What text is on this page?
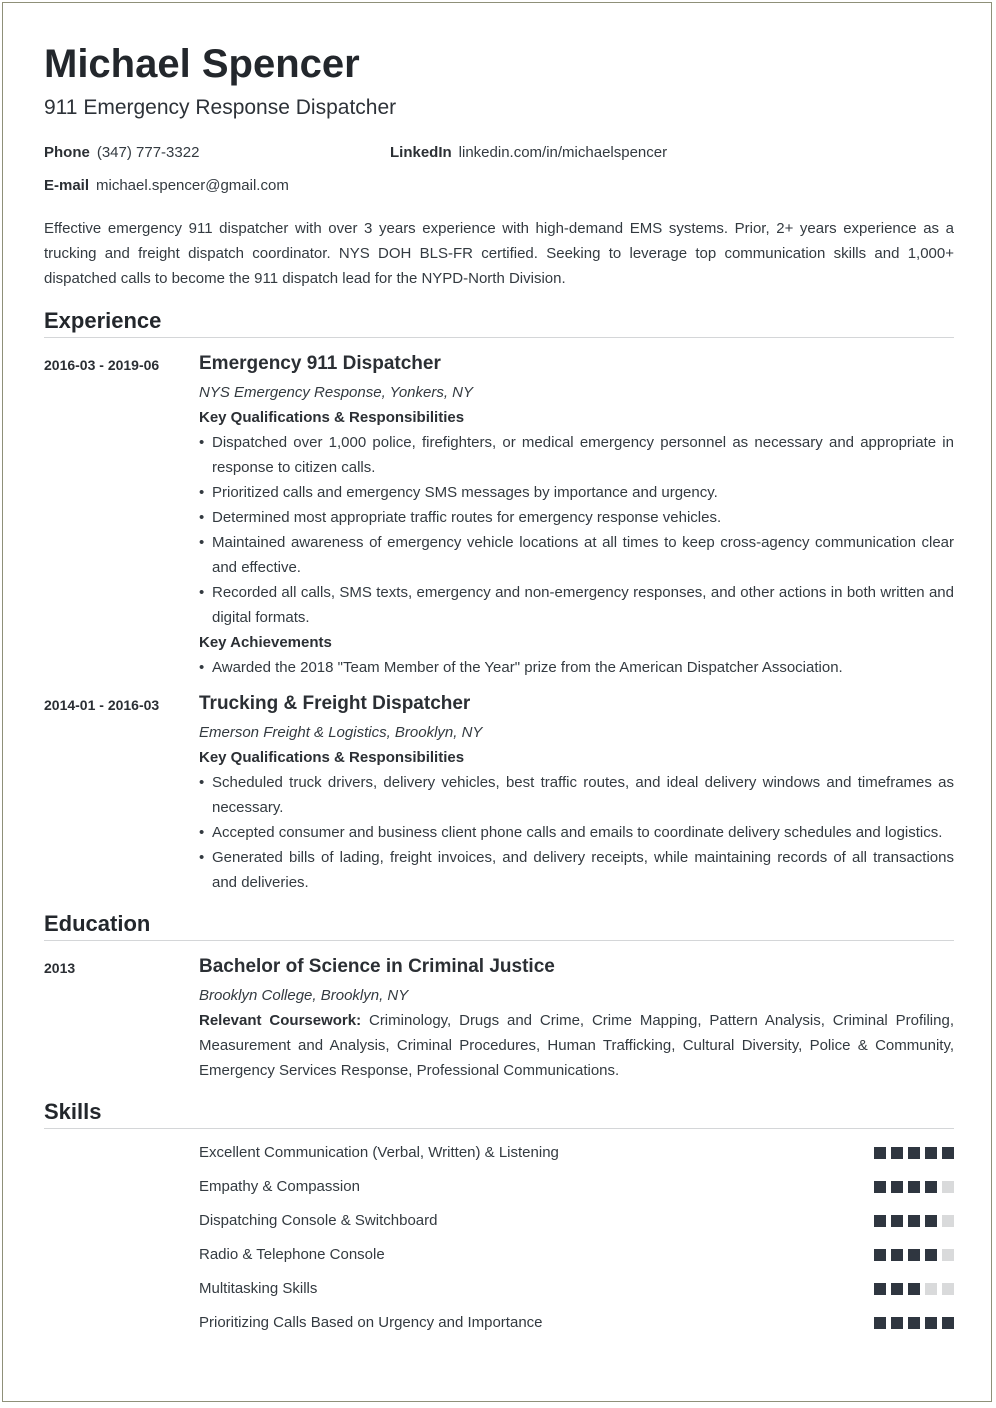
Michael Spencer
911 Emergency Response Dispatcher
Phone (347) 777-3322	LinkedIn linkedin.com/in/michaelspencer
E-mail michael.spencer@gmail.com
Effective emergency 911 dispatcher with over 3 years experience with high-demand EMS systems. Prior, 2+ years experience as a trucking and freight dispatch coordinator. NYS DOH BLS-FR certified. Seeking to leverage top communication skills and 1,000+ dispatched calls to become the 911 dispatch lead for the NYPD-North Division.
Experience
2016-03 - 2019-06 Emergency 911 Dispatcher
NYS Emergency Response, Yonkers, NY
Key Qualifications & Responsibilities
• Dispatched over 1,000 police, firefighters, or medical emergency personnel as necessary and appropriate in response to citizen calls.
• Prioritized calls and emergency SMS messages by importance and urgency.
• Determined most appropriate traffic routes for emergency response vehicles.
• Maintained awareness of emergency vehicle locations at all times to keep cross-agency communication clear and effective.
• Recorded all calls, SMS texts, emergency and non-emergency responses, and other actions in both written and digital formats.
Key Achievements
• Awarded the 2018 "Team Member of the Year" prize from the American Dispatcher Association.
2014-01 - 2016-03 Trucking & Freight Dispatcher
Emerson Freight & Logistics, Brooklyn, NY
Key Qualifications & Responsibilities
• Scheduled truck drivers, delivery vehicles, best traffic routes, and ideal delivery windows and timeframes as necessary.
• Accepted consumer and business client phone calls and emails to coordinate delivery schedules and logistics.
• Generated bills of lading, freight invoices, and delivery receipts, while maintaining records of all transactions and deliveries.
Education
2013	Bachelor of Science in Criminal Justice
Brooklyn College, Brooklyn, NY
Relevant Coursework: Criminology, Drugs and Crime, Crime Mapping, Pattern Analysis, Criminal Profiling, Measurement and Analysis, Criminal Procedures, Human Trafficking, Cultural Diversity, Police & Community, Emergency Services Response, Professional Communications.
Skills
Excellent Communication (Verbal, Written) & Listening
Empathy & Compassion
Dispatching Console & Switchboard
Radio & Telephone Console
Multitasking Skills
Prioritizing Calls Based on Urgency and Importance
